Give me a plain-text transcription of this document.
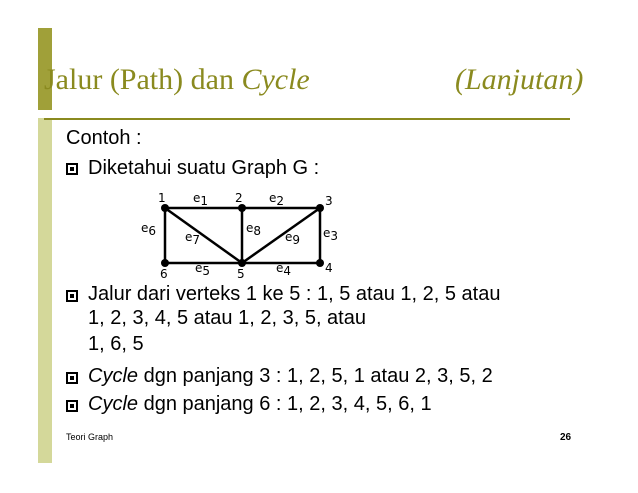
Jalur (Path) dan Cycle	(Lanjutan)
Contoh :
Diketahui suatu Graph G :
1	2	3
4
5
6
e1	e2
e3
e4
e5
e6 e7
e8 e9
Jalur dari verteks 1 ke 5 : 1, 5 atau 1, 2, 5 atau
1, 2, 3, 4, 5 atau 1, 2, 3, 5, atau
1, 6, 5
Cycle dgn panjang 3 : 1, 2, 5, 1 atau 2, 3, 5, 2
Cycle dgn panjang 6 : 1, 2, 3, 4, 5, 6, 1
Teori Graph	26
